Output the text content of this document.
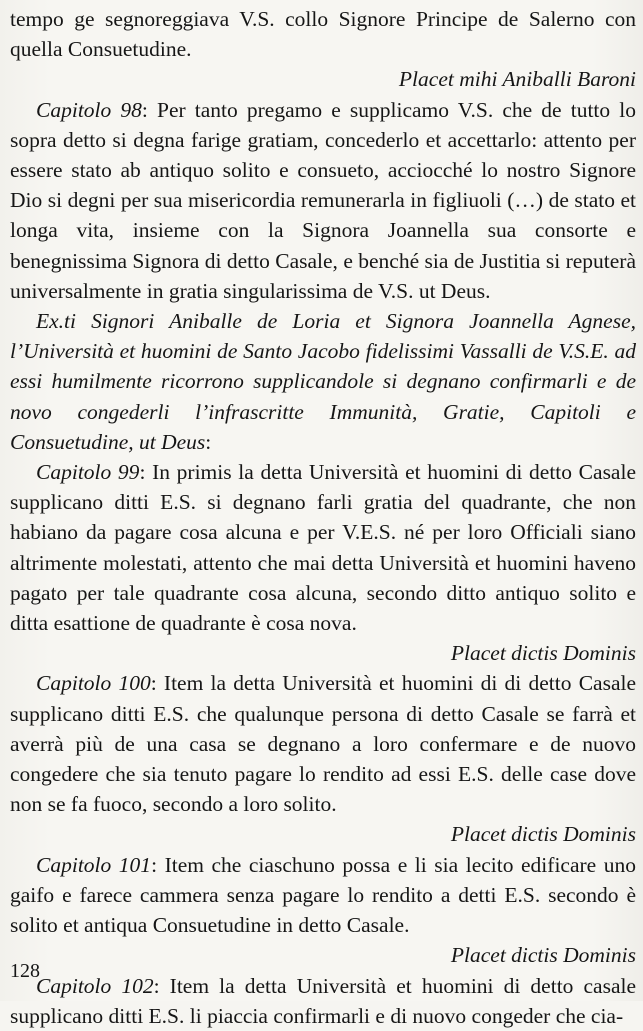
tempo ge segnoreggiava V.S. collo Signore Principe de Salerno con quella Consuetudine.

Placet mihi Aniballi Baroni

Capitolo 98: Per tanto pregamo e supplicamo V.S. che de tutto lo sopra detto si degna farige gratiam, concederlo et accettarlo: attento per essere stato ab antiquo solito e consueto, acciocché lo nostro Signore Dio si degni per sua misericordia remunerarla in figliuoli (…) de stato et longa vita, insieme con la Signora Joannella sua consorte e benegnissima Signora di detto Casale, e benché sia de Justitia si reputerà universalmente in gratia singularissima de V.S. ut Deus.

Ex.ti Signori Aniballe de Loria et Signora Joannella Agnese, l’Università et huomini de Santo Jacobo fidelissimi Vassalli de V.S.E. ad essi humilmente ricorrono supplicandole si degnano confirmarli e de novo congederli l’infrascritte Immunità, Gratie, Capitoli e Consuetudine, ut Deus:

Capitolo 99: In primis la detta Università et huomini di detto Casale supplicano ditti E.S. si degnano farli gratia del quadrante, che non habiano da pagare cosa alcuna e per V.E.S. né per loro Officiali siano altrimente molestati, attento che mai detta Università et huomini haveno pagato per tale quadrante cosa alcuna, secondo ditto antiquo solito e ditta esattione de quadrante è cosa nova.

Placet dictis Dominis

Capitolo 100: Item la detta Università et huomini di di detto Casale supplicano ditti E.S. che qualunque persona di detto Casale se farrà et averrà più de una casa se degnano a loro confermare e de nuovo congedere che sia tenuto pagare lo rendito ad essi E.S. delle case dove non se fa fuoco, secondo a loro solito.

Placet dictis Dominis

Capitolo 101: Item che ciaschuno possa e li sia lecito edificare uno gaifo e farece cammera senza pagare lo rendito a detti E.S. secondo è solito et antiqua Consuetudine in detto Casale.

Placet dictis Dominis

Capitolo 102: Item la detta Università et huomini di detto casale supplicano ditti E.S. li piaccia confirmarli e di nuovo congeder che cia-

128
